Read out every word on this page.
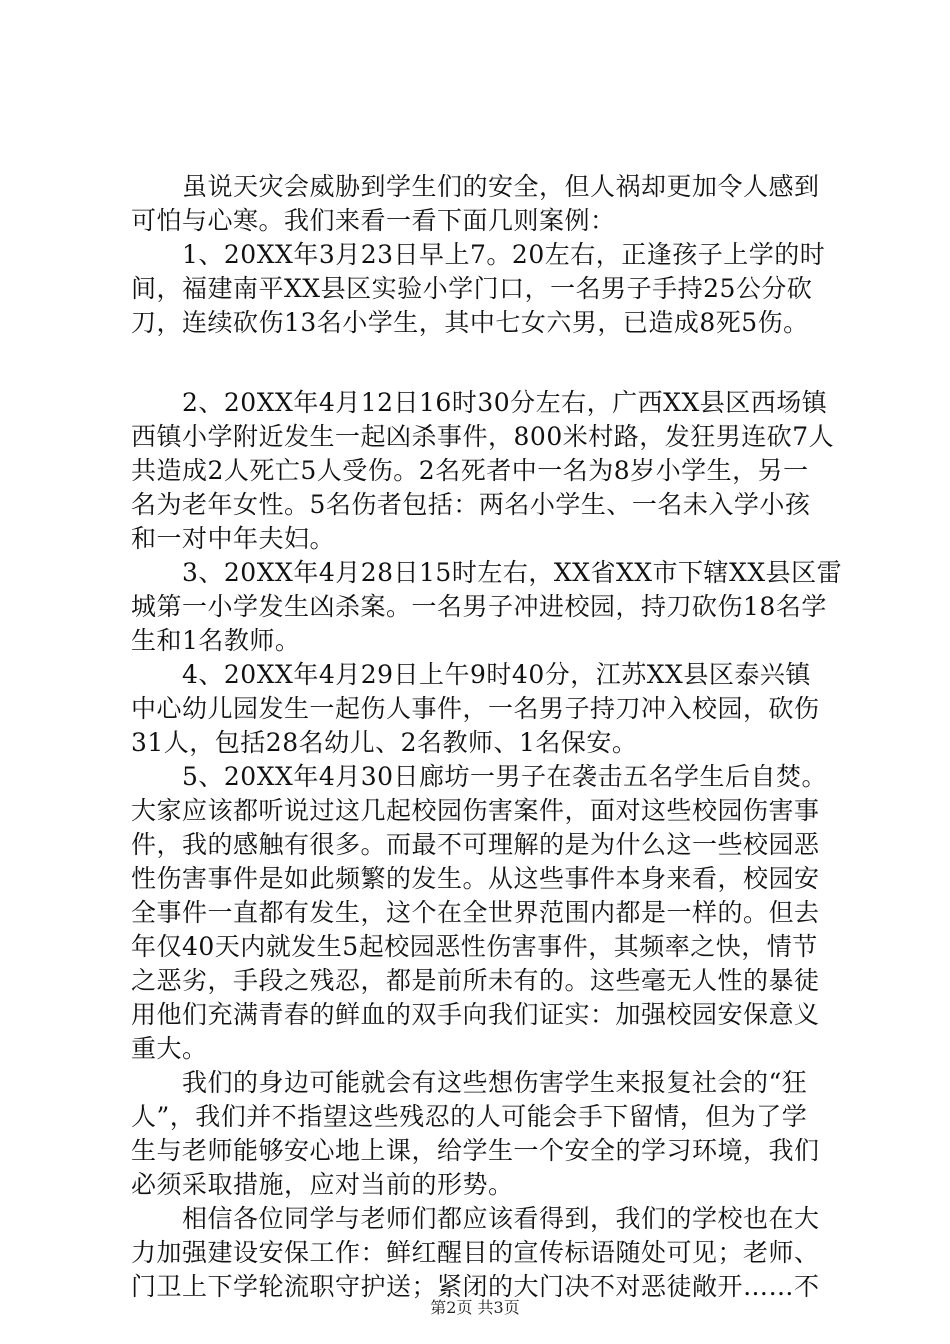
　　虽说天灾会威胁到学生们的安全，但人祸却更加令人感到
可怕与心寒。我们来看一看下面几则案例：
　　1、20XX年3月23日早上7。20左右，正逢孩子上学的时
间，福建南平XX县区实验小学门口，一名男子手持25公分砍
刀，连续砍伤13名小学生，其中七女六男，已造成8死5伤。
　　2、20XX年4月12日16时30分左右，广西XX县区西场镇
西镇小学附近发生一起凶杀事件，800米村路，发狂男连砍7人
共造成2人死亡5人受伤。2名死者中一名为8岁小学生，另一
名为老年女性。5名伤者包括：两名小学生、一名未入学小孩
和一对中年夫妇。
　　3、20XX年4月28日15时左右，XX省XX市下辖XX县区雷
城第一小学发生凶杀案。一名男子冲进校园，持刀砍伤18名学
生和1名教师。
　　4、20XX年4月29日上午9时40分，江苏XX县区泰兴镇
中心幼儿园发生一起伤人事件，一名男子持刀冲入校园，砍伤
31人，包括28名幼儿、2名教师、1名保安。
　　5、20XX年4月30日廊坊一男子在袭击五名学生后自焚。
大家应该都听说过这几起校园伤害案件，面对这些校园伤害事
件，我的感触有很多。而最不可理解的是为什么这一些校园恶
性伤害事件是如此频繁的发生。从这些事件本身来看，校园安
全事件一直都有发生，这个在全世界范围内都是一样的。但去
年仅40天内就发生5起校园恶性伤害事件，其频率之快，情节
之恶劣，手段之残忍，都是前所未有的。这些毫无人性的暴徒
用他们充满青春的鲜血的双手向我们证实：加强校园安保意义
重大。
　　我们的身边可能就会有这些想伤害学生来报复社会的“狂
人”，我们并不指望这些残忍的人可能会手下留情，但为了学
生与老师能够安心地上课，给学生一个安全的学习环境，我们
必须采取措施，应对当前的形势。
　　相信各位同学与老师们都应该看得到，我们的学校也在大
力加强建设安保工作：鲜红醒目的宣传标语随处可见；老师、
门卫上下学轮流职守护送；紧闭的大门决不对恶徒敞开……不
第2页 共3页
